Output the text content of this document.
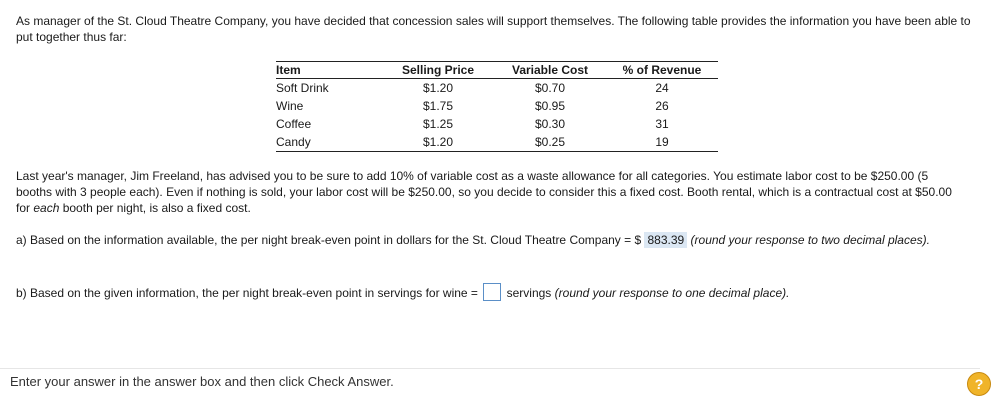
As manager of the St. Cloud Theatre Company, you have decided that concession sales will support themselves. The following table provides the information you have been able to put together thus far:

Item	Selling Price	Variable Cost	% of Revenue
Soft Drink	$1.20	$0.70	24
Wine	$1.75	$0.95	26
Coffee	$1.25	$0.30	31
Candy	$1.20	$0.25	19

Last year's manager, Jim Freeland, has advised you to be sure to add 10% of variable cost as a waste allowance for all categories. You estimate labor cost to be $250.00 (5 booths with 3 people each). Even if nothing is sold, your labor cost will be $250.00, so you decide to consider this a fixed cost. Booth rental, which is a contractual cost at $50.00 for each booth per night, is also a fixed cost.

a) Based on the information available, the per night break-even point in dollars for the St. Cloud Theatre Company = $ 883.39 (round your response to two decimal places).

b) Based on the given information, the per night break-even point in servings for wine =  servings (round your response to one decimal place).

Enter your answer in the answer box and then click Check Answer.	?
